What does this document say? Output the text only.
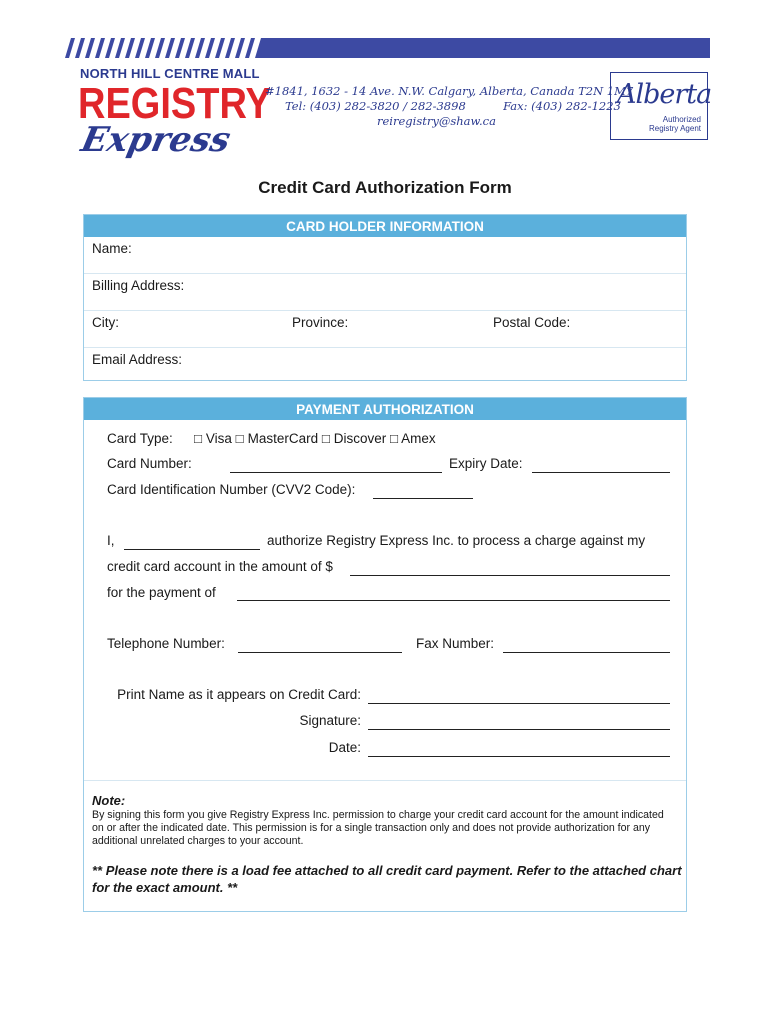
NORTH HILL CENTRE MALL
REGISTRY
Express
#1841, 1632 - 14 Ave. N.W. Calgary, Alberta, Canada T2N 1M7
Tel: (403) 282-3820 / 282-3898	Fax: (403) 282-1223
reiregistry@shaw.ca
Alberta
Authorized
Registry Agent
Credit Card Authorization Form
CARD HOLDER INFORMATION
Name:
Billing Address:
City:	Province:	Postal Code:
Email Address:
PAYMENT AUTHORIZATION
Card Type: □ Visa □ MasterCard □ Discover □ Amex
Card Number:	Expiry Date:
Card Identification Number (CVV2 Code):
I,	authorize Registry Express Inc. to process a charge against my
credit card account in the amount of $
for the payment of
Telephone Number:	Fax Number:
Print Name as it appears on Credit Card:
Signature:
Date:
Note:
By signing this form you give Registry Express Inc. permission to charge your credit card account for the amount indicated on or after the indicated date. This permission is for a single transaction only and does not provide authorization for any additional unrelated charges to your account.
** Please note there is a load fee attached to all credit card payment. Refer to the attached chart for the exact amount. **
